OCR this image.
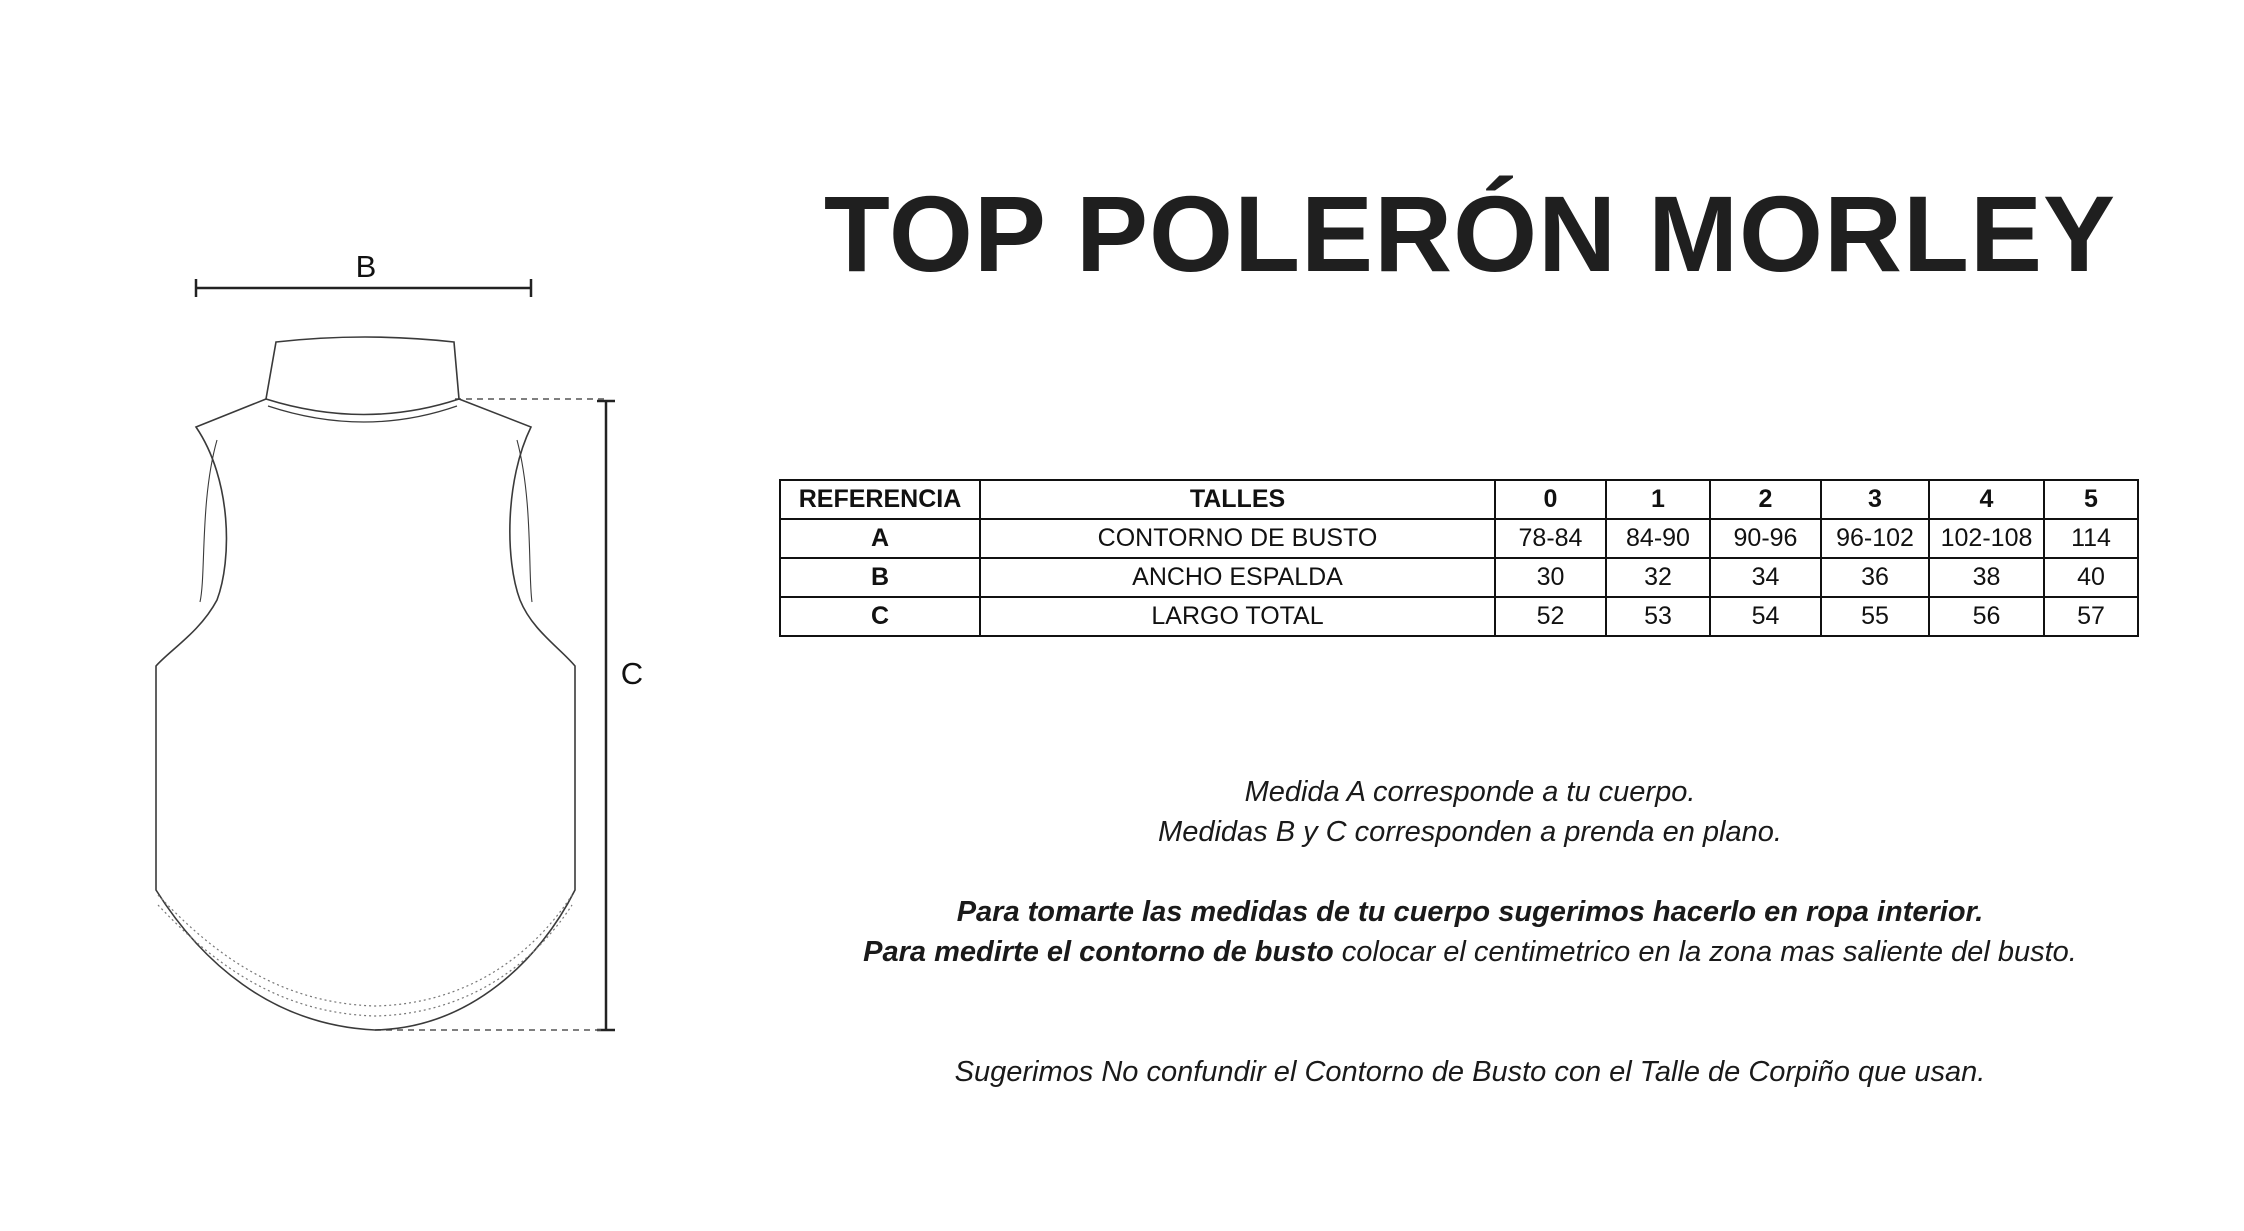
B
C
TOP POLERÓN MORLEY
REFERENCIA	TALLES	0	1	2	3	4	5
A	CONTORNO DE BUSTO	78-84	84-90	90-96	96-102	102-108	114
B	ANCHO ESPALDA	30	32	34	36	38	40
C	LARGO TOTAL	52	53	54	55	56	57

Medida A corresponde a tu cuerpo.

Medidas B y C corresponden a prenda en plano.

Para tomarte las medidas de tu cuerpo sugerimos hacerlo en ropa interior.

Para medirte el contorno de busto colocar el centimetrico en la zona mas saliente del busto.

Sugerimos No confundir el Contorno de Busto con el Talle de Corpiño que usan.
